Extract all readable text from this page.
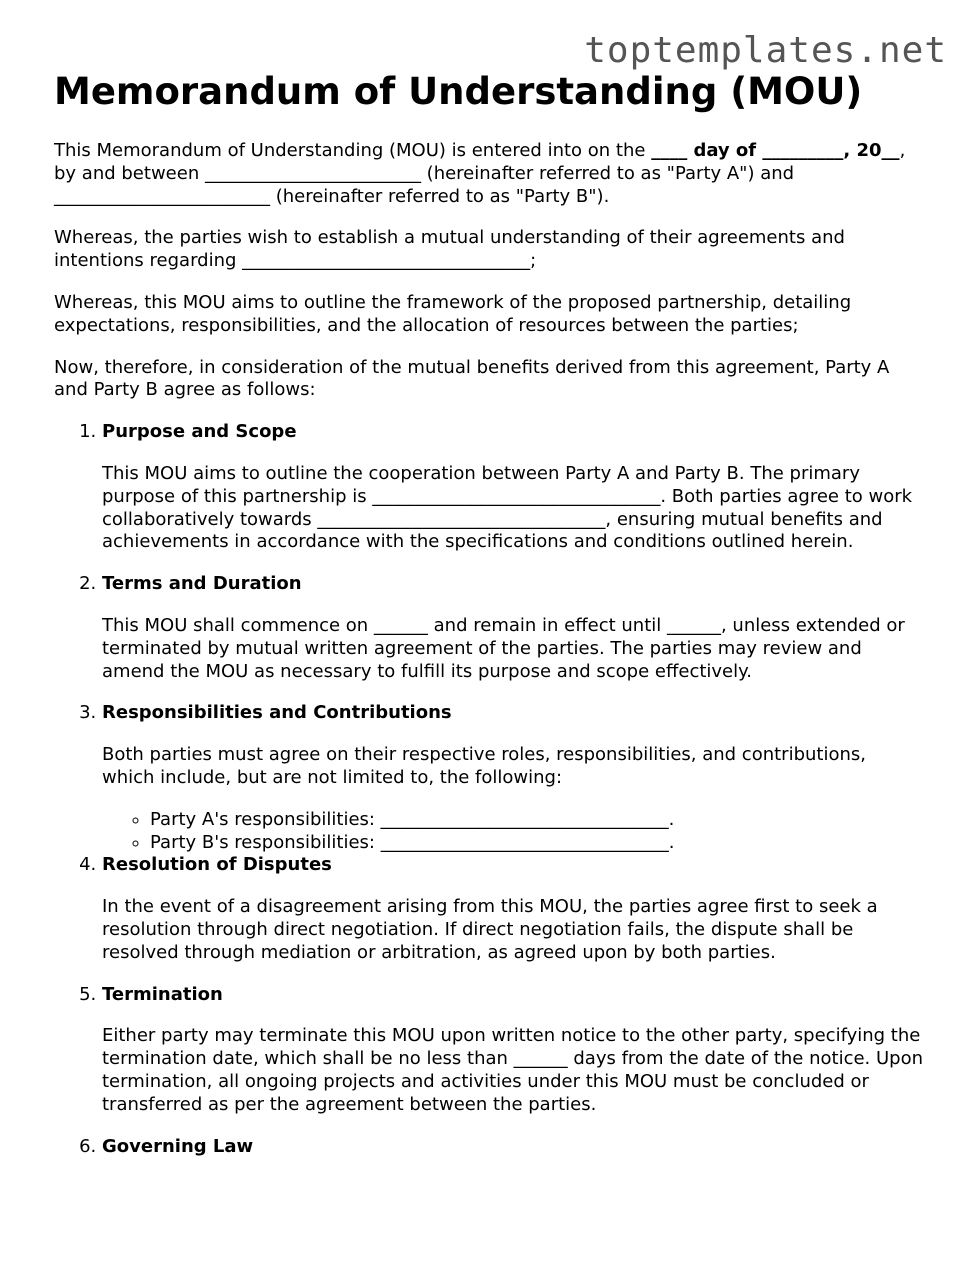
toptemplates.net
Memorandum of Understanding (MOU)

This Memorandum of Understanding (MOU) is entered into on the ____ day of _________, 20__, by and between ________________________ (hereinafter referred to as "Party A") and ________________________ (hereinafter referred to as "Party B").

Whereas, the parties wish to establish a mutual understanding of their agreements and intentions regarding ________________________________;

Whereas, this MOU aims to outline the framework of the proposed partnership, detailing expectations, responsibilities, and the allocation of resources between the parties;

Now, therefore, in consideration of the mutual benefits derived from this agreement, Party A and Party B agree as follows:

1. Purpose and Scope

This MOU aims to outline the cooperation between Party A and Party B. The primary purpose of this partnership is ________________________________. Both parties agree to work collaboratively towards ________________________________, ensuring mutual benefits and achievements in accordance with the specifications and conditions outlined herein.

2. Terms and Duration

This MOU shall commence on ______ and remain in effect until ______, unless extended or terminated by mutual written agreement of the parties. The parties may review and amend the MOU as necessary to fulfill its purpose and scope effectively.

3. Responsibilities and Contributions

Both parties must agree on their respective roles, responsibilities, and contributions, which include, but are not limited to, the following:

◦ Party A's responsibilities: ________________________________.
◦ Party B's responsibilities: ________________________________.
4. Resolution of Disputes

In the event of a disagreement arising from this MOU, the parties agree first to seek a resolution through direct negotiation. If direct negotiation fails, the dispute shall be resolved through mediation or arbitration, as agreed upon by both parties.

5. Termination

Either party may terminate this MOU upon written notice to the other party, specifying the termination date, which shall be no less than ______ days from the date of the notice. Upon termination, all ongoing projects and activities under this MOU must be concluded or transferred as per the agreement between the parties.

6. Governing Law
